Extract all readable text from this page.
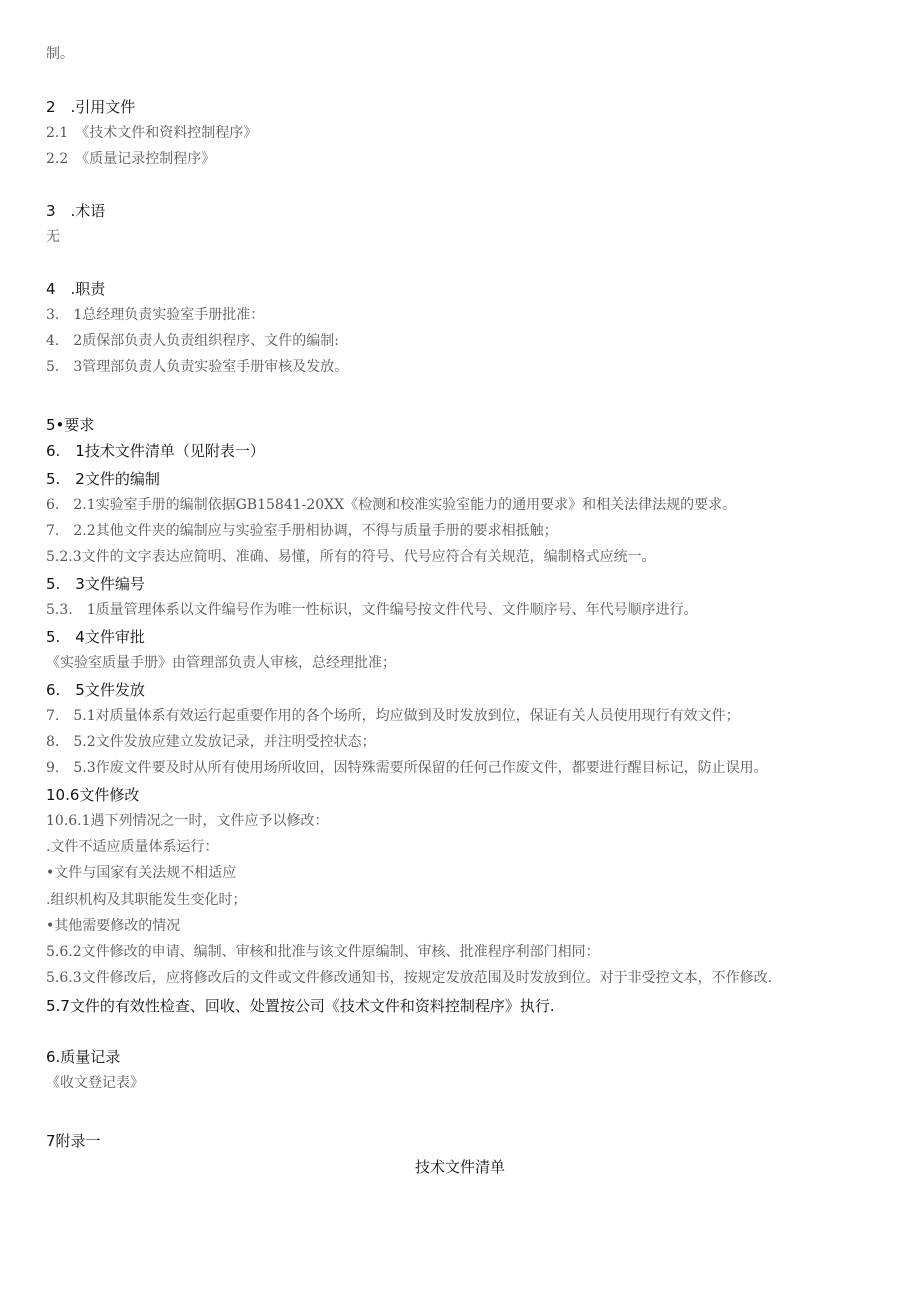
制。
2　.引用文件
2.1　《技术文件和资料控制程序》
2.2　《质量记录控制程序》
3　.术语
无
4　.职责
3.　1总经理负责实验室手册批准：
4.　2质保部负责人负责组织程序、文件的编制:
5.　3管理部负责人负责实验室手册审核及发放。
5•要求
6.　1技术文件清单（见附表一）
5.　2文件的编制
6.　2.1实验室手册的编制依据GB15841-20XX《检测和校准实验室能力的通用要求》和相关法律法规的要求。
7.　2.2其他文件夹的编制应与实验室手册相协调，不得与质量手册的要求相抵触；
5.2.3文件的文字表达应简明、准确、易懂，所有的符号、代号应符合有关规范，编制格式应统一。
5.　3文件编号
5.3.　1质量管理体系以文件编号作为唯一性标识，文件编号按文件代号、文件顺序号、年代号顺序进行。
5.　4文件审批
《实验室质量手册》由管理部负责人审核，总经理批准；
6.　5文件发放
7.　5.1对质量体系有效运行起重要作用的各个场所，均应做到及时发放到位，保证有关人员使用现行有效文件；
8.　5.2文件发放应建立发放记录，并注明受控状态；
9.　5.3作废文件要及时从所有使用场所收回，因特殊需要所保留的任何己作废文件，都要进行醒目标记，防止误用。
10.6文件修改
10.6.1遇下列情况之一时，文件应予以修改：
.文件不适应质量体系运行：
•文件与国家有关法规不相适应
.组织机构及其职能发生变化时；
•其他需要修改的情况
5.6.2文件修改的申请、编制、审核和批准与该文件原编制、审核、批准程序利部门相同：
5.6.3文件修改后，应将修改后的文件或文件修改通知书，按规定发放范围及时发放到位。对于非受控文本，不作修改.
5.7文件的有效性检查、回收、处置按公司《技术文件和资料控制程序》执行.
6.质量记录
《收文登记表》
7附录一
技术文件清单
